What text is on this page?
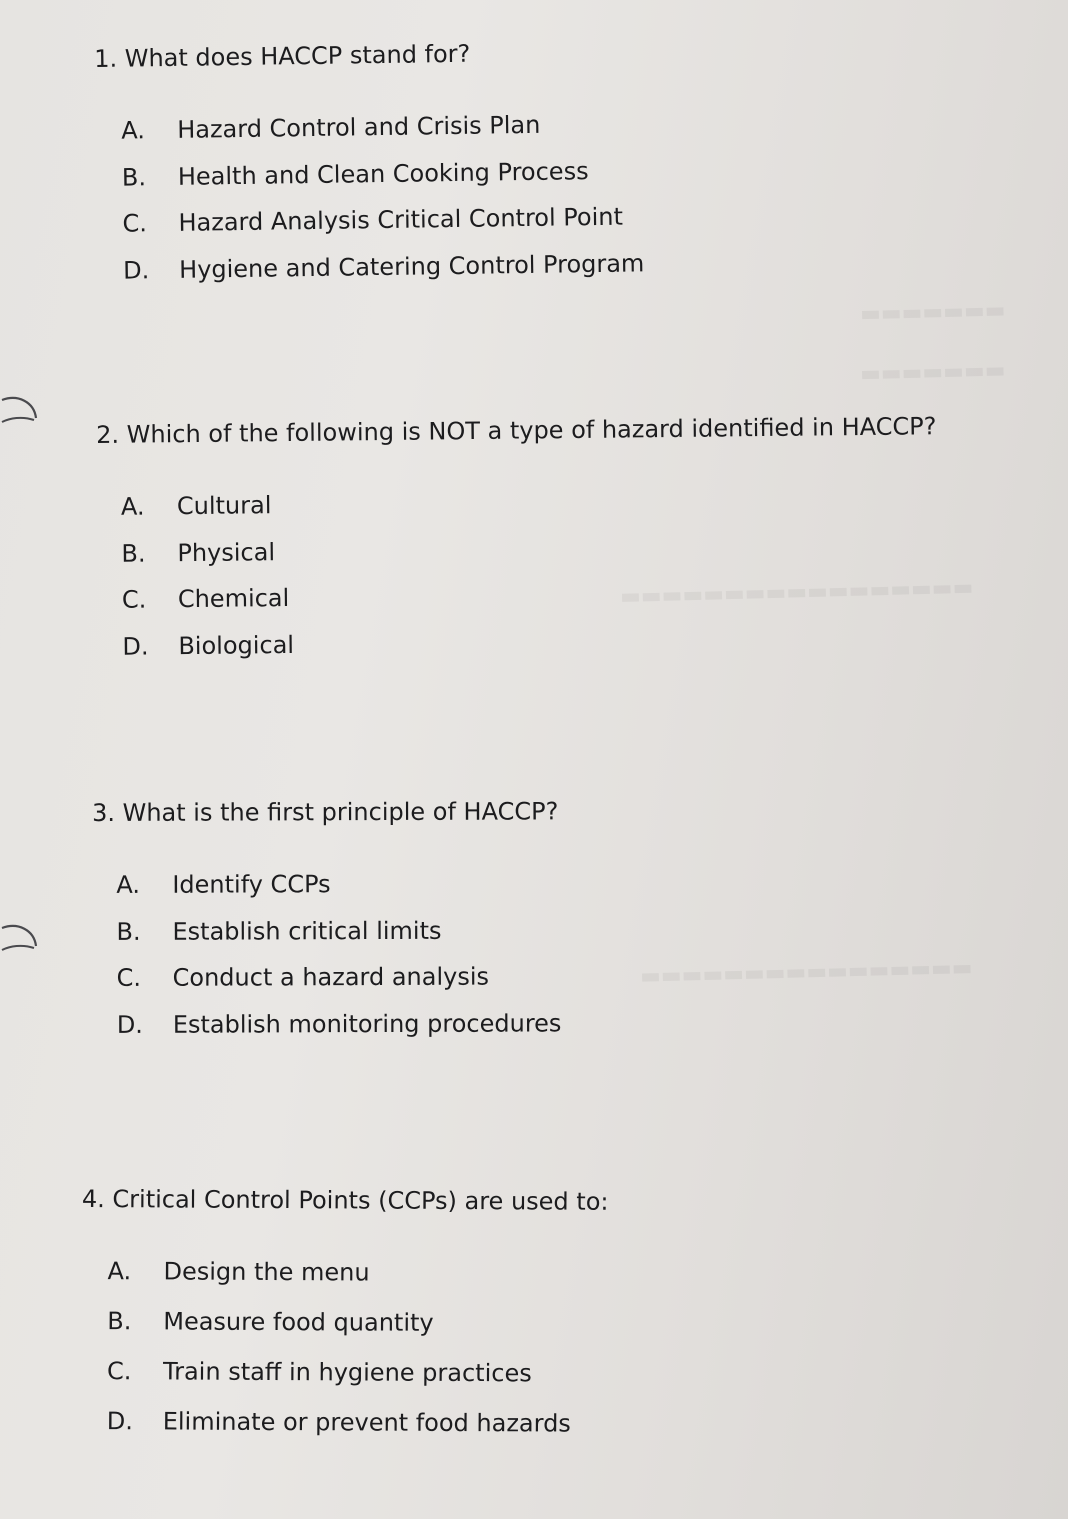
▬▬▬▬▬▬▬
▬▬▬▬▬▬▬
▬▬▬▬▬▬▬▬▬▬▬▬▬▬▬▬▬
▬▬▬▬▬▬▬▬▬▬▬▬▬▬▬▬

1. What does HACCP stand for?

A.	Hazard Control and Crisis Plan
B.	Health and Clean Cooking Process
C.	Hazard Analysis Critical Control Point
D.	Hygiene and Catering Control Program

2. Which of the following is NOT a type of hazard identified in HACCP?

A.	Cultural
B.	Physical
C.	Chemical
D.	Biological

3. What is the first principle of HACCP?

A.	Identify CCPs
B.	Establish critical limits
C.	Conduct a hazard analysis
D.	Establish monitoring procedures

4. Critical Control Points (CCPs) are used to:

A.	Design the menu
B.	Measure food quantity
C.	Train staff in hygiene practices
D.	Eliminate or prevent food hazards
